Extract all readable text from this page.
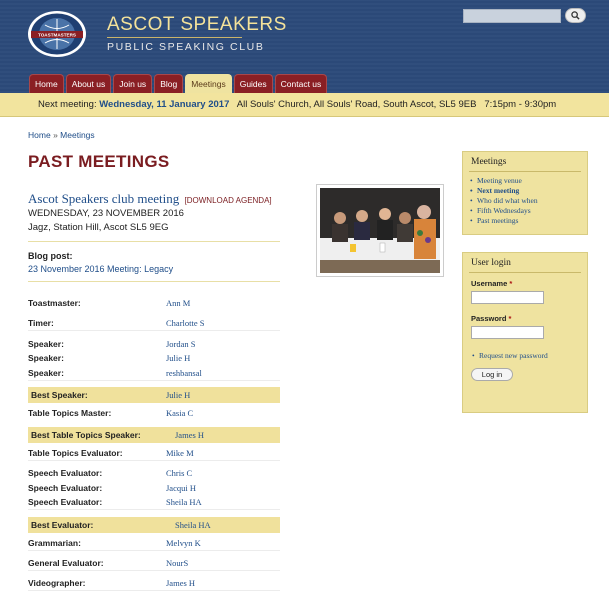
TOASTMASTERS ASCOT SPEAKERS
PUBLIC SPEAKING CLUB
Home	About us	Join us	Blog	Meetings	Guides	Contact us
Next meeting: Wednesday, 11 January 2017 All Souls' Church, All Souls' Road, South Ascot, SL5 9EB 7:15pm - 9:30pm
Home » Meetings
PAST MEETINGS
Ascot Speakers club meeting [DOWNLOAD AGENDA]
WEDNESDAY, 23 NOVEMBER 2016
Jagz, Station Hill, Ascot SL5 9EG
Blog post:
23 November 2016 Meeting: Legacy
Toastmaster:	Ann M
Timer:	Charlotte S
Speaker:	Jordan S
Speaker:	Julie H
Speaker:	reshbansal
Best Speaker:	Julie H
Table Topics Master:	Kasia C
Best Table Topics Speaker:	James H
Table Topics Evaluator:	Mike M
Speech Evaluator:	Chris C
Speech Evaluator:	Jacqui H
Speech Evaluator:	Sheila HA
Best Evaluator:	Sheila HA
Grammarian:	Melvyn K
General Evaluator:	NourS
Videographer:	James H
Meetings
• Meeting venue
• Next meeting
• Who did what when
• Fifth Wednesdays
• Past meetings
User login
Username *
Password *
• Request new password
Log in
